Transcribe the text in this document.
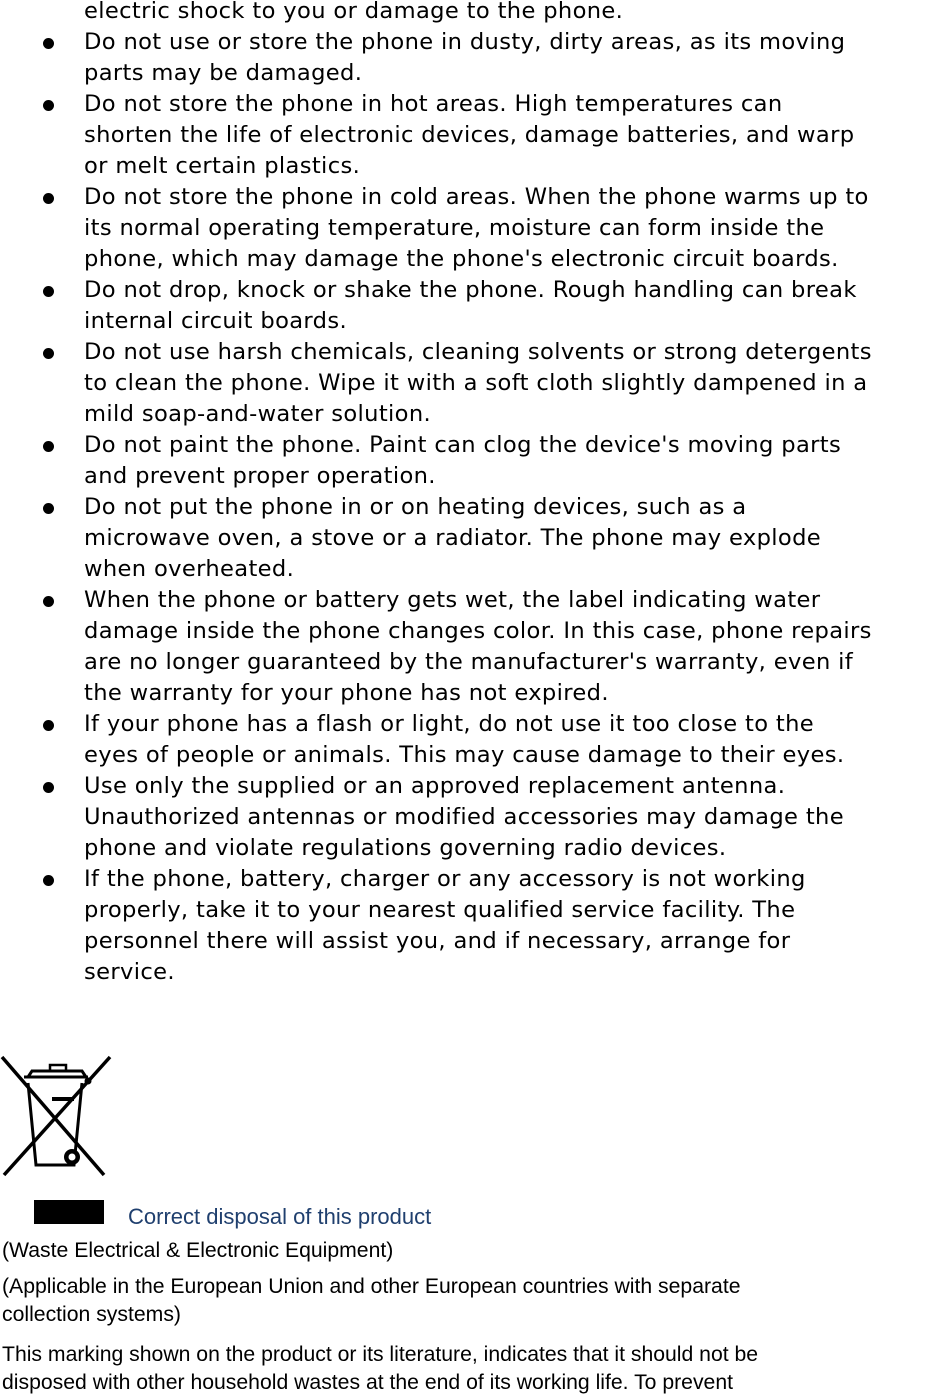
electric shock to you or damage to the phone.
Do not use or store the phone in dusty, dirty areas, as its moving
parts may be damaged.
Do not store the phone in hot areas. High temperatures can
shorten the life of electronic devices, damage batteries, and warp
or melt certain plastics.
Do not store the phone in cold areas. When the phone warms up to
its normal operating temperature, moisture can form inside the
phone, which may damage the phone's electronic circuit boards.
Do not drop, knock or shake the phone. Rough handling can break
internal circuit boards.
Do not use harsh chemicals, cleaning solvents or strong detergents
to clean the phone. Wipe it with a soft cloth slightly dampened in a
mild soap-and-water solution.
Do not paint the phone. Paint can clog the device's moving parts
and prevent proper operation.
Do not put the phone in or on heating devices, such as a
microwave oven, a stove or a radiator. The phone may explode
when overheated.
When the phone or battery gets wet, the label indicating water
damage inside the phone changes color. In this case, phone repairs
are no longer guaranteed by the manufacturer's warranty, even if
the warranty for your phone has not expired.
If your phone has a flash or light, do not use it too close to the
eyes of people or animals. This may cause damage to their eyes.
Use only the supplied or an approved replacement antenna.
Unauthorized antennas or modified accessories may damage the
phone and violate regulations governing radio devices.
If the phone, battery, charger or any accessory is not working
properly, take it to your nearest qualified service facility. The
personnel there will assist you, and if necessary, arrange for
service.
Correct disposal of this product
(Waste Electrical & Electronic Equipment)
(Applicable in the European Union and other European countries with separate
collection systems)
This marking shown on the product or its literature, indicates that it should not be
disposed with other household wastes at the end of its working life. To prevent
